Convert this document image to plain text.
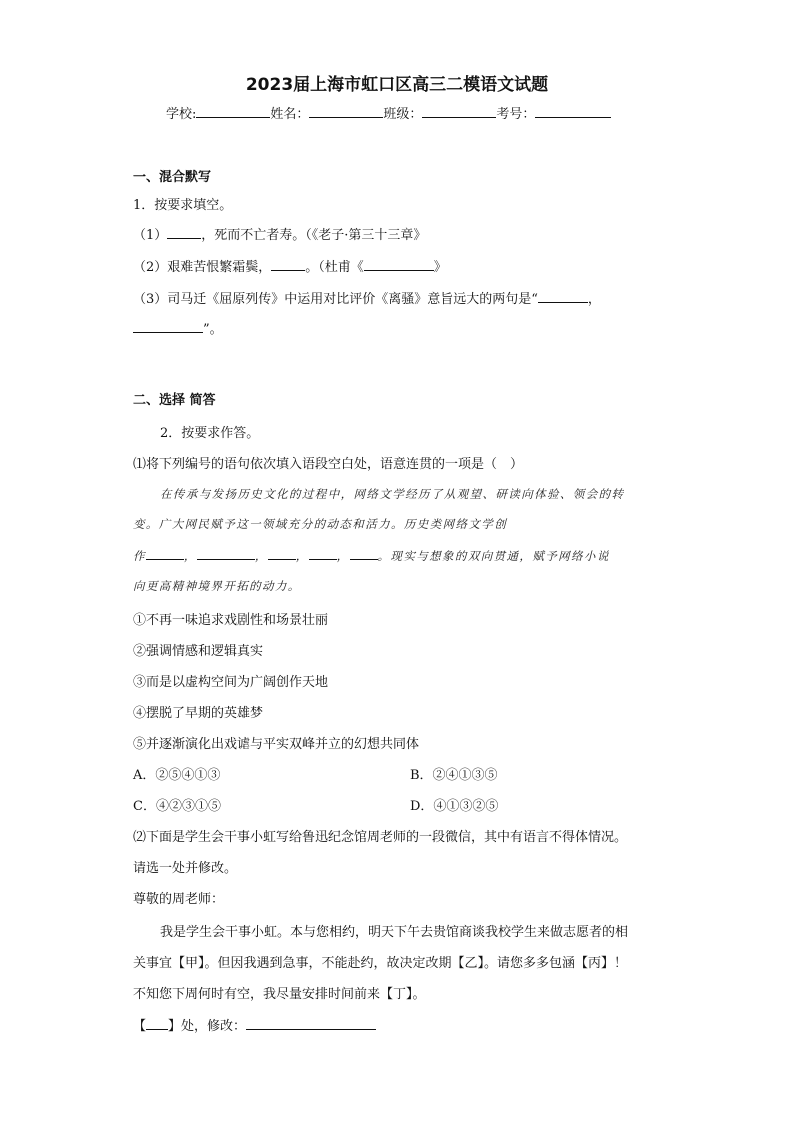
2023届上海市虹口区高三二模语文试题
学校:	姓名：	班级：	考号：
一、混合默写
1．按要求填空。
（1）	，死而不亡者寿。（《老子·第三十三章》
（2）艰难苦恨繁霜鬓，	。（杜甫《	》
（3）司马迁《屈原列传》中运用对比评价《离骚》意旨远大的两句是“	，
”。
二、选择 简答
2．按要求作答。
⑴将下列编号的语句依次填入语段空白处，语意连贯的一项是（　）
在传承与发扬历史文化的过程中，网络文学经历了从观望、研读向体验、领会的转
变。广大网民赋予这一领域充分的动态和活力。历史类网络文学创
作	，	， ， ， 。现实与想象的双向贯通，赋予网络小说
向更高精神境界开拓的动力。
①不再一味追求戏剧性和场景壮丽
②强调情感和逻辑真实
③而是以虚构空间为广阔创作天地
④摆脱了早期的英雄梦
⑤并逐渐演化出戏谑与平实双峰并立的幻想共同体
A．②⑤④①③	B．②④①③⑤
C．④②③①⑤	D．④①③②⑤
⑵下面是学生会干事小虹写给鲁迅纪念馆周老师的一段微信，其中有语言不得体情况。
请选一处并修改。
尊敬的周老师：
我是学生会干事小虹。本与您相约，明天下午去贵馆商谈我校学生来做志愿者的相
关事宜【甲】。但因我遇到急事，不能赴约，故决定改期【乙】。请您多多包涵【丙】！
不知您下周何时有空，我尽量安排时间前来【丁】。
【 】处，修改：
